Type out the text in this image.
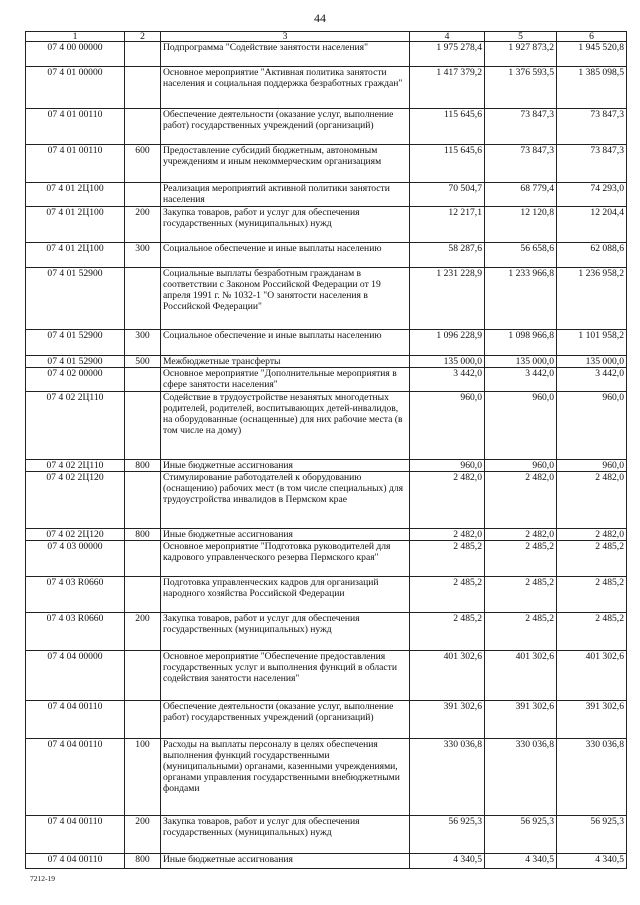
44
1	2	3	4	5	6
07 4 00 00000		Подпрограмма "Содействие занятости населения"	1 975 278,4	1 927 873,2	1 945 520,8
07 4 01 00000		Основное мероприятие "Активная политика занятости населения и социальная поддержка безработных граждан"	1 417 379,2	1 376 593,5	1 385 098,5
07 4 01 00110		Обеспечение деятельности (оказание услуг, выполнение работ) государственных учреждений (организаций)	115 645,6	73 847,3	73 847,3
07 4 01 00110	600	Предоставление субсидий бюджетным, автономным учреждениям и иным некоммерческим организациям	115 645,6	73 847,3	73 847,3
07 4 01 2Ц100		Реализация мероприятий активной политики занятости населения	70 504,7	68 779,4	74 293,0
07 4 01 2Ц100	200	Закупка товаров, работ и услуг для обеспечения государственных (муниципальных) нужд	12 217,1	12 120,8	12 204,4
07 4 01 2Ц100	300	Социальное обеспечение и иные выплаты населению	58 287,6	56 658,6	62 088,6
07 4 01 52900		Социальные выплаты безработным гражданам в соответствии с Законом Российской Федерации от 19 апреля 1991 г. № 1032-1 "О занятости населения в Российской Федерации"	1 231 228,9	1 233 966,8	1 236 958,2
07 4 01 52900	300	Социальное обеспечение и иные выплаты населению	1 096 228,9	1 098 966,8	1 101 958,2
07 4 01 52900	500	Межбюджетные трансферты	135 000,0	135 000,0	135 000,0
07 4 02 00000		Основное мероприятие "Дополнительные мероприятия в сфере занятости населения"	3 442,0	3 442,0	3 442,0
07 4 02 2Ц110		Содействие в трудоустройстве незанятых многодетных родителей, родителей, воспитывающих детей-инвалидов, на оборудованные (оснащенные) для них рабочие места (в том числе на дому)	960,0	960,0	960,0
07 4 02 2Ц110	800	Иные бюджетные ассигнования	960,0	960,0	960,0
07 4 02 2Ц120		Стимулирование работодателей к оборудованию (оснащению) рабочих мест (в том числе специальных) для трудоустройства инвалидов в Пермском крае	2 482,0	2 482,0	2 482,0
07 4 02 2Ц120	800	Иные бюджетные ассигнования	2 482,0	2 482,0	2 482,0
07 4 03 00000		Основное мероприятие "Подготовка руководителей для кадрового управленческого резерва Пермского края"	2 485,2	2 485,2	2 485,2
07 4 03 R0660		Подготовка управленческих кадров для организаций народного хозяйства Российской Федерации	2 485,2	2 485,2	2 485,2
07 4 03 R0660	200	Закупка товаров, работ и услуг для обеспечения государственных (муниципальных) нужд	2 485,2	2 485,2	2 485,2
07 4 04 00000		Основное мероприятие "Обеспечение предоставления государственных услуг и выполнения функций в области содействия занятости населения"	401 302,6	401 302,6	401 302,6
07 4 04 00110		Обеспечение деятельности (оказание услуг, выполнение работ) государственных учреждений (организаций)	391 302,6	391 302,6	391 302,6
07 4 04 00110	100	Расходы на выплаты персоналу в целях обеспечения выполнения функций государственными (муниципальными) органами, казенными учреждениями, органами управления государственными внебюджетными фондами	330 036,8	330 036,8	330 036,8
07 4 04 00110	200	Закупка товаров, работ и услуг для обеспечения государственных (муниципальных) нужд	56 925,3	56 925,3	56 925,3
07 4 04 00110	800	Иные бюджетные ассигнования	4 340,5	4 340,5	4 340,5
7212-19
